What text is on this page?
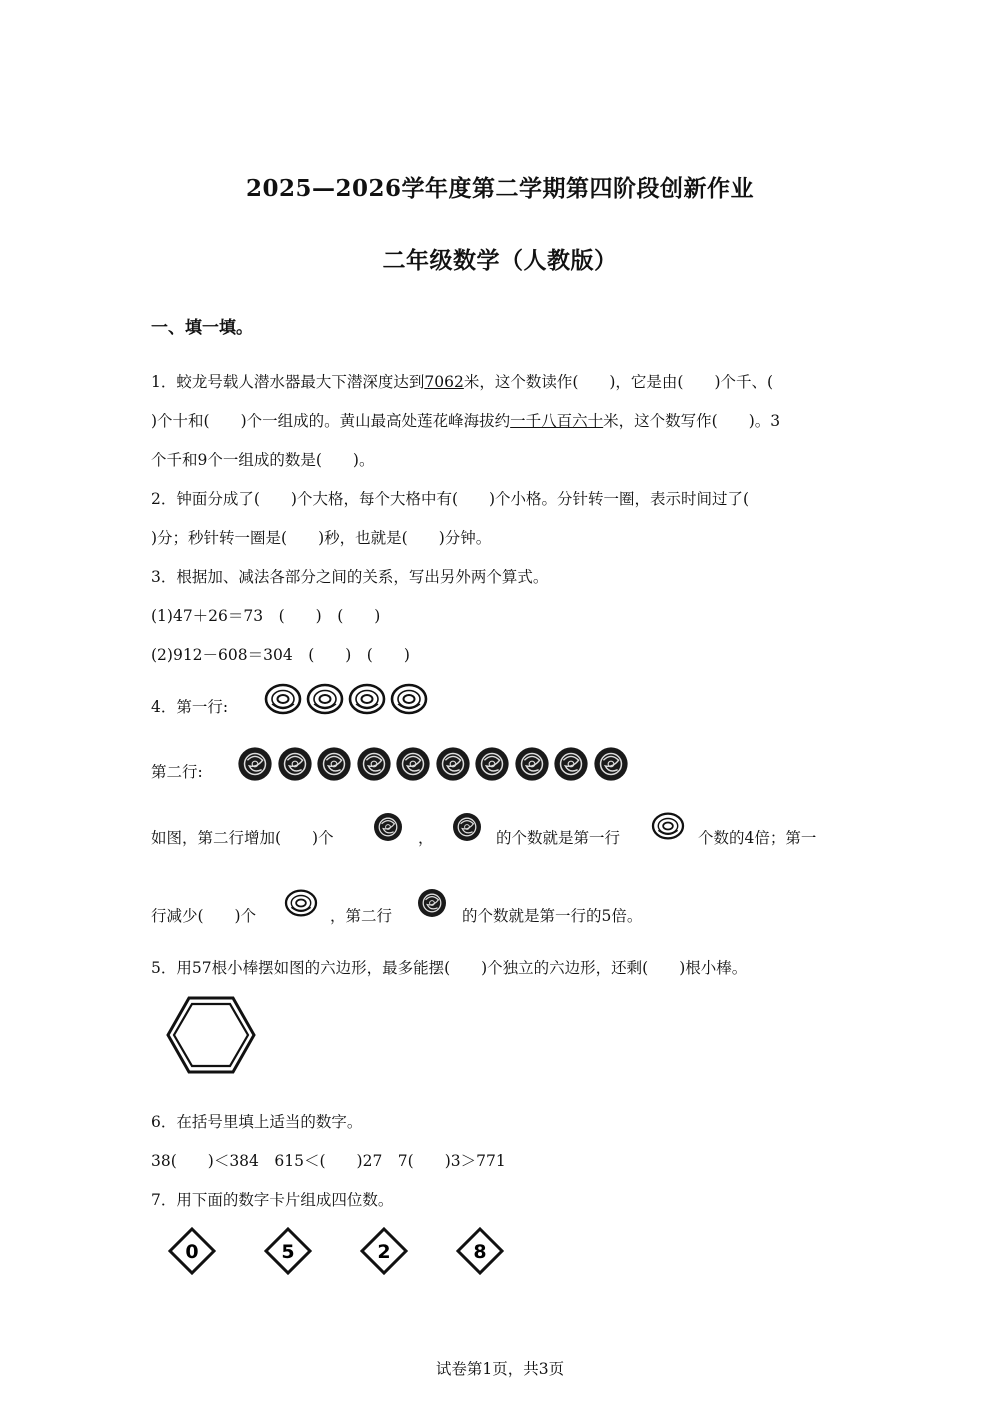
2025—2026学年度第二学期第四阶段创新作业
二年级数学（人教版）
一、填一填。
1．蛟龙号载人潜水器最大下潜深度达到7062米，这个数读作(　　)，它是由(　　)个千、(
)个十和(　　)个一组成的。黄山最高处莲花峰海拔约一千八百六十米，这个数写作(　　)。3
个千和9个一组成的数是(　　)。
2．钟面分成了(　　)个大格，每个大格中有(　　)个小格。分针转一圈，表示时间过了(
)分；秒针转一圈是(　　)秒，也就是(　　)分钟。
3．根据加、减法各部分之间的关系，写出另外两个算式。
(1)47＋26＝73　(　　)　(　　)
(2)912－608＝304　(　　)　(　　)
4．第一行:
第二行:
如图，第二行增加(　　)个	，	的个数就是第一行	个数的4倍；第一
行减少(　　)个	，第二行	的个数就是第一行的5倍。
5．用57根小棒摆如图的六边形，最多能摆(　　)个独立的六边形，还剩(　　)根小棒。
6．在括号里填上适当的数字。
38(　　)＜384　615＜(　　)27　7(　　)3＞771
7．用下面的数字卡片组成四位数。
0	5	2	8
试卷第1页，共3页
